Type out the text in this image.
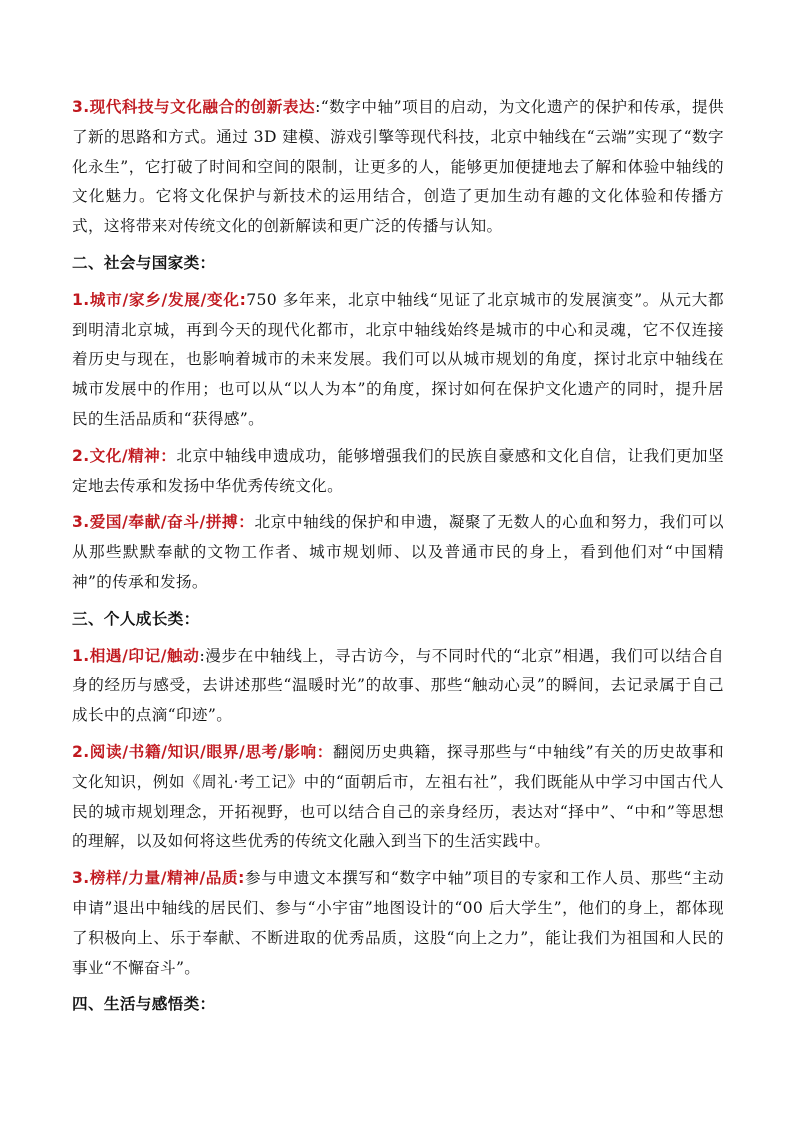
3.现代科技与文化融合的创新表达:“数字中轴”项目的启动，为文化遗产的保护和传承，提供了新的思路和方式。通过 3D 建模、游戏引擎等现代科技，北京中轴线在“云端”实现了“数字化永生”，它打破了时间和空间的限制，让更多的人，能够更加便捷地去了解和体验中轴线的文化魅力。它将文化保护与新技术的运用结合，创造了更加生动有趣的文化体验和传播方式，这将带来对传统文化的创新解读和更广泛的传播与认知。

二、社会与国家类：

1.城市/家乡/发展/变化:750 多年来，北京中轴线“见证了北京城市的发展演变”。从元大都到明清北京城，再到今天的现代化都市，北京中轴线始终是城市的中心和灵魂，它不仅连接着历史与现在，也影响着城市的未来发展。我们可以从城市规划的角度，探讨北京中轴线在城市发展中的作用；也可以从“以人为本”的角度，探讨如何在保护文化遗产的同时，提升居民的生活品质和“获得感”。

2.文化/精神：北京中轴线申遗成功，能够增强我们的民族自豪感和文化自信，让我们更加坚定地去传承和发扬中华优秀传统文化。

3.爱国/奉献/奋斗/拼搏：北京中轴线的保护和申遗，凝聚了无数人的心血和努力，我们可以从那些默默奉献的文物工作者、城市规划师、以及普通市民的身上，看到他们对“中国精神”的传承和发扬。

三、个人成长类：

1.相遇/印记/触动:漫步在中轴线上，寻古访今，与不同时代的“北京”相遇，我们可以结合自身的经历与感受，去讲述那些“温暖时光”的故事、那些“触动心灵”的瞬间，去记录属于自己成长中的点滴“印迹”。

2.阅读/书籍/知识/眼界/思考/影响：翻阅历史典籍，探寻那些与“中轴线”有关的历史故事和文化知识，例如《周礼·考工记》中的“面朝后市，左祖右社”，我们既能从中学习中国古代人民的城市规划理念，开拓视野，也可以结合自己的亲身经历，表达对“择中”、“中和”等思想的理解，以及如何将这些优秀的传统文化融入到当下的生活实践中。

3.榜样/力量/精神/品质:参与申遗文本撰写和“数字中轴”项目的专家和工作人员、那些“主动申请”退出中轴线的居民们、参与“小宇宙”地图设计的“00 后大学生”，他们的身上，都体现了积极向上、乐于奉献、不断进取的优秀品质，这股“向上之力”，能让我们为祖国和人民的事业“不懈奋斗”。

四、生活与感悟类：
